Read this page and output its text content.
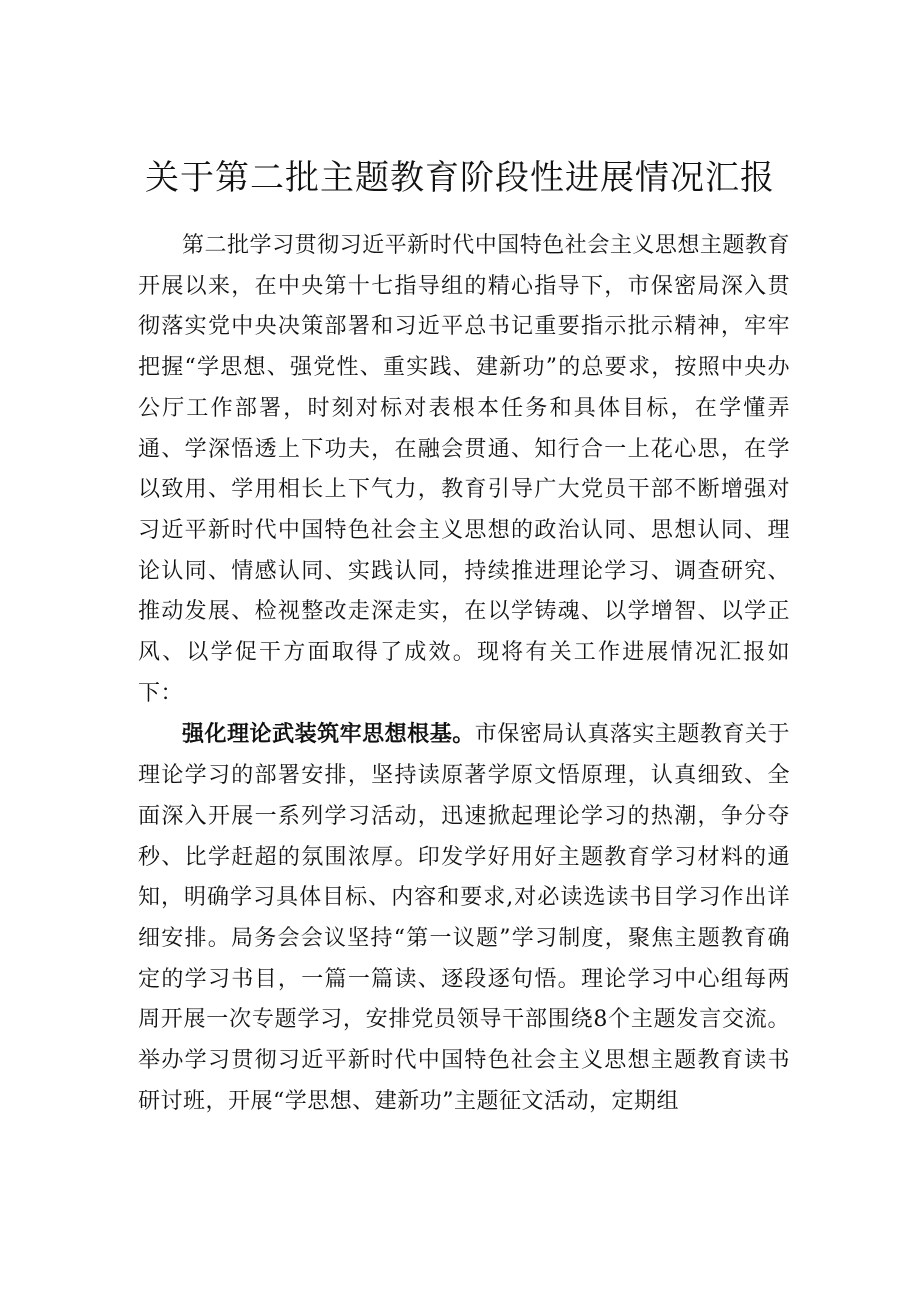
关于第二批主题教育阶段性进展情况汇报

第二批学习贯彻习近平新时代中国特色社会主义思想主题教育开展以来，在中央第十七指导组的精心指导下，市保密局深入贯彻落实党中央决策部署和习近平总书记重要指示批示精神，牢牢把握“学思想、强党性、重实践、建新功”的总要求，按照中央办公厅工作部署，时刻对标对表根本任务和具体目标，在学懂弄通、学深悟透上下功夫，在融会贯通、知行合一上花心思，在学以致用、学用相长上下气力，教育引导广大党员干部不断增强对习近平新时代中国特色社会主义思想的政治认同、思想认同、理论认同、情感认同、实践认同，持续推进理论学习、调查研究、推动发展、检视整改走深走实，在以学铸魂、以学增智、以学正风、以学促干方面取得了成效。现将有关工作进展情况汇报如下：

强化理论武装筑牢思想根基。市保密局认真落实主题教育关于理论学习的部署安排，坚持读原著学原文悟原理，认真细致、全面深入开展一系列学习活动，迅速掀起理论学习的热潮，争分夺秒、比学赶超的氛围浓厚。印发学好用好主题教育学习材料的通知，明确学习具体目标、内容和要求,对必读选读书目学习作出详细安排。局务会会议坚持“第一议题”学习制度，聚焦主题教育确定的学习书目，一篇一篇读、逐段逐句悟。理论学习中心组每两周开展一次专题学习，安排党员领导干部围绕8个主题发言交流。举办学习贯彻习近平新时代中国特色社会主义思想主题教育读书研讨班，开展“学思想、建新功”主题征文活动，定期组
